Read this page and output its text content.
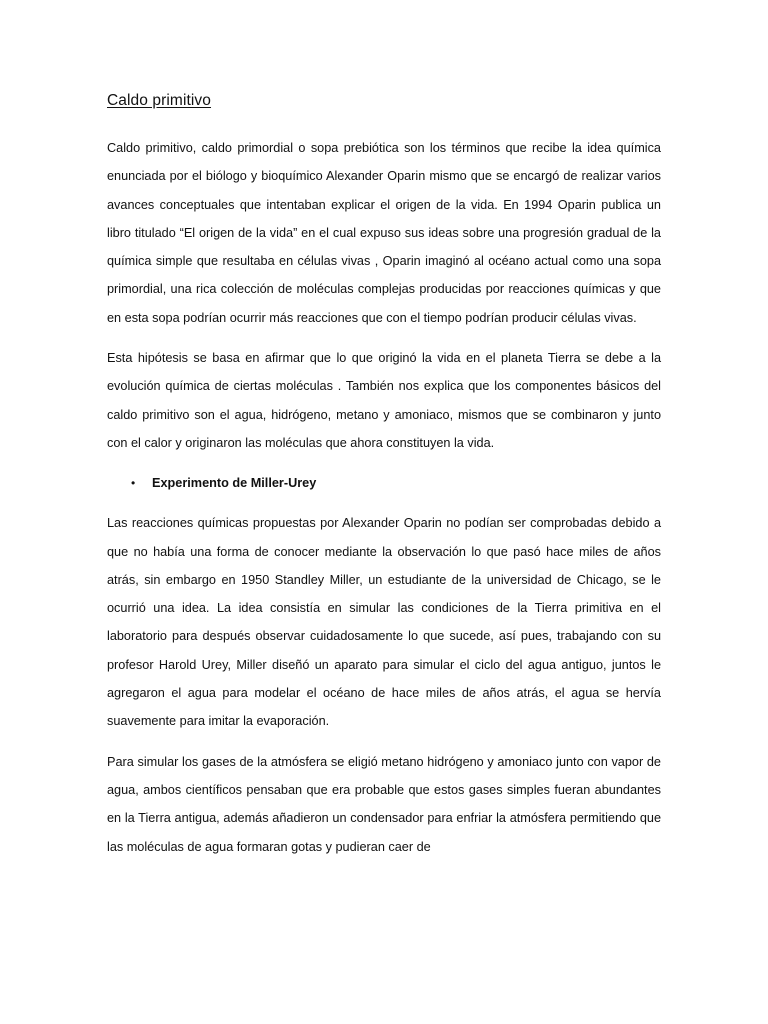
Caldo primitivo

Caldo primitivo, caldo primordial o sopa prebiótica son los términos que recibe la idea química enunciada por el biólogo y bioquímico Alexander Oparin mismo que se encargó de realizar varios avances conceptuales que intentaban explicar el origen de la vida. En 1994 Oparin publica un libro titulado “El origen de la vida” en el cual expuso sus ideas sobre una progresión gradual de la química simple que resultaba en células vivas , Oparin imaginó al océano actual como una sopa primordial, una rica colección de moléculas complejas producidas por reacciones químicas y que en esta sopa podrían ocurrir más reacciones que con el tiempo podrían producir células vivas.

Esta hipótesis se basa en afirmar que lo que originó la vida en el planeta Tierra se debe a la evolución química de ciertas moléculas . También nos explica que los componentes básicos del caldo primitivo son el agua, hidrógeno, metano y amoniaco, mismos que se combinaron y junto con el calor y originaron las moléculas que ahora constituyen la vida.

•	Experimento de Miller-Urey

Las reacciones químicas propuestas por Alexander Oparin no podían ser comprobadas debido a que no había una forma de conocer mediante la observación lo que pasó hace miles de años atrás, sin embargo en 1950 Standley Miller, un estudiante de la universidad de Chicago, se le ocurrió una idea. La idea consistía en simular las condiciones de la Tierra primitiva en el laboratorio para después observar cuidadosamente lo que sucede, así pues, trabajando con su profesor Harold Urey, Miller diseñó un aparato para simular el ciclo del agua antiguo, juntos le agregaron el agua para modelar el océano de hace miles de años atrás, el agua se hervía suavemente para imitar la evaporación.

Para simular los gases de la atmósfera se eligió metano hidrógeno y amoniaco junto con vapor de agua, ambos científicos pensaban que era probable que estos gases simples fueran abundantes en la Tierra antigua, además añadieron un condensador para enfriar la atmósfera permitiendo que las moléculas de agua formaran gotas y pudieran caer de
